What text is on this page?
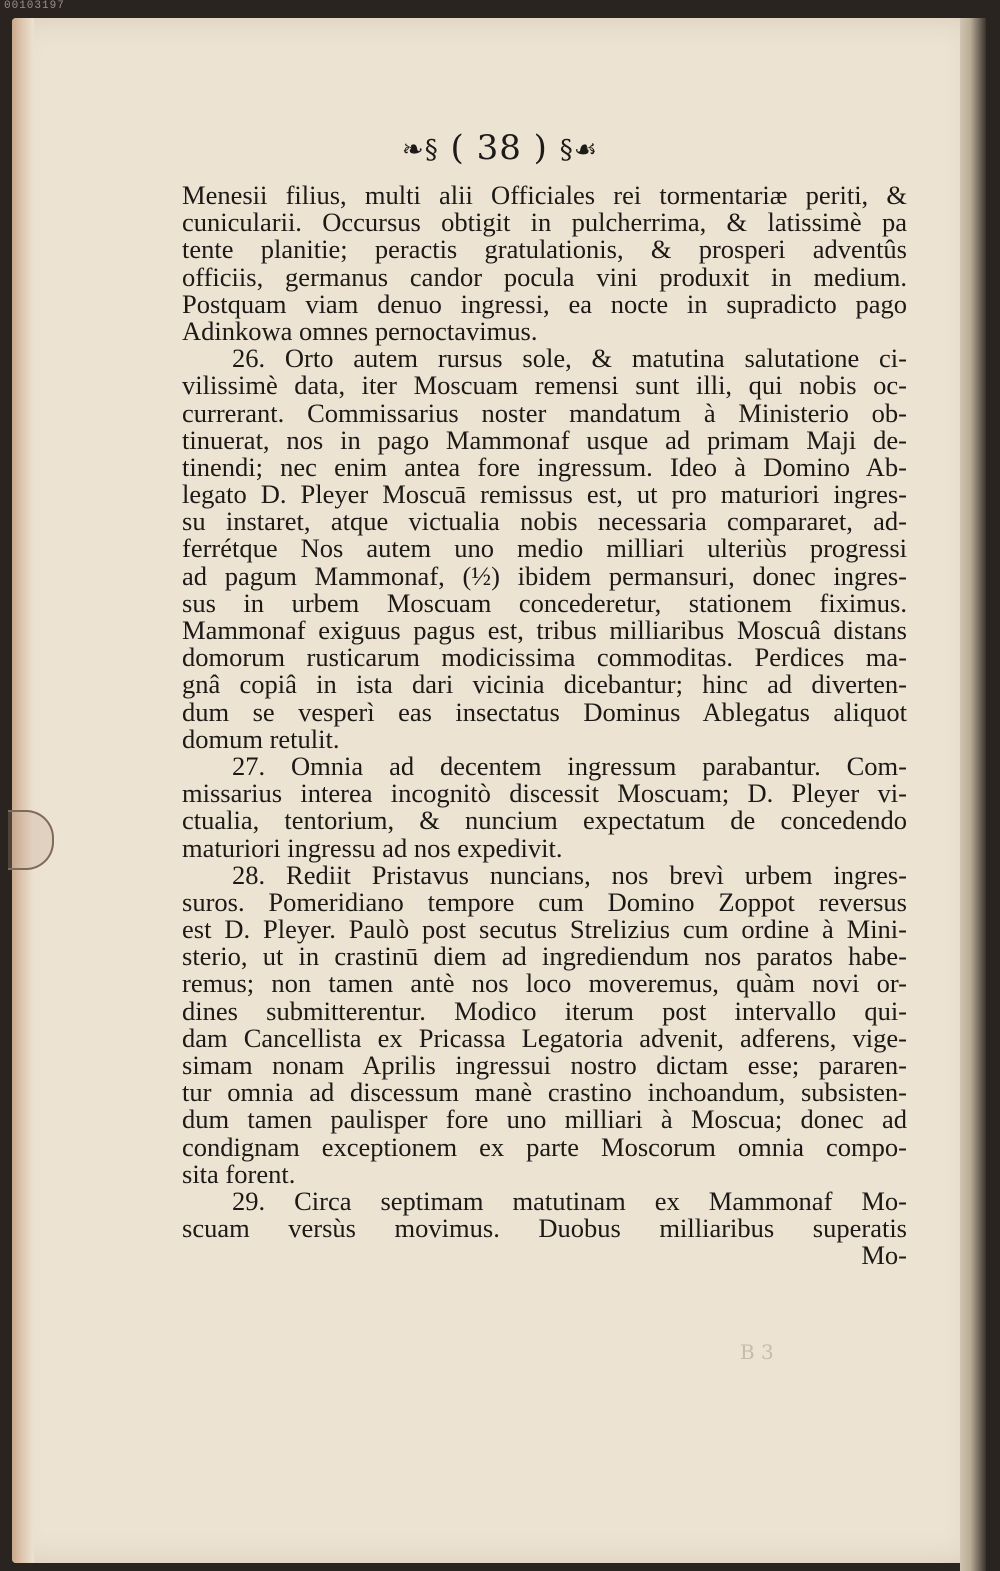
00103197
❧§ ( 38 ) §☙
Menesii filius, multi alii Officiales rei tormentariæ periti, &
cunicularii. Occursus obtigit in pulcherrima, & latissimè pa
tente planitie; peractis gratulationis, & prosperi adventûs
officiis, germanus candor pocula vini produxit in medium.
Postquam viam denuo ingressi, ea nocte in supradicto pago
Adinkowa omnes pernoctavimus.
26. Orto autem rursus sole, & matutina salutatione ci-
vilissimè data, iter Moscuam remensi sunt illi, qui nobis oc-
currerant. Commissarius noster mandatum à Ministerio ob-
tinuerat, nos in pago Mammonaf usque ad primam Maji de-
tinendi; nec enim antea fore ingressum. Ideo à Domino Ab-
legato D. Pleyer Moscuā remissus est, ut pro maturiori ingres-
su instaret, atque victualia nobis necessaria compararet, ad-
ferrétque Nos autem uno medio milliari ulteriùs progressi
ad pagum Mammonaf, (½) ibidem permansuri, donec ingres-
sus in urbem Moscuam concederetur, stationem fiximus.
Mammonaf exiguus pagus est, tribus milliaribus Moscuâ distans
domorum rusticarum modicissima commoditas. Perdices ma-
gnâ copiâ in ista dari vicinia dicebantur; hinc ad diverten-
dum se vesperì eas insectatus Dominus Ablegatus aliquot
domum retulit.
27. Omnia ad decentem ingressum parabantur. Com-
missarius interea incognitò discessit Moscuam; D. Pleyer vi-
ctualia, tentorium, & nuncium expectatum de concedendo
maturiori ingressu ad nos expedivit.
28. Rediit Pristavus nuncians, nos brevì urbem ingres-
suros. Pomeridiano tempore cum Domino Zoppot reversus
est D. Pleyer. Paulò post secutus Strelizius cum ordine à Mini-
sterio, ut in crastinū diem ad ingrediendum nos paratos habe-
remus; non tamen antè nos loco moveremus, quàm novi or-
dines submitterentur. Modico iterum post intervallo qui-
dam Cancellista ex Pricassa Legatoria advenit, adferens, vige-
simam nonam Aprilis ingressui nostro dictam esse; pararen-
tur omnia ad discessum manè crastino inchoandum, subsisten-
dum tamen paulisper fore uno milliari à Moscua; donec ad
condignam exceptionem ex parte Moscorum omnia compo-
sita forent.
29. Circa septimam matutinam ex Mammonaf Mo-
scuam versùs movimus. Duobus milliaribus superatis
Mo-
B 3
